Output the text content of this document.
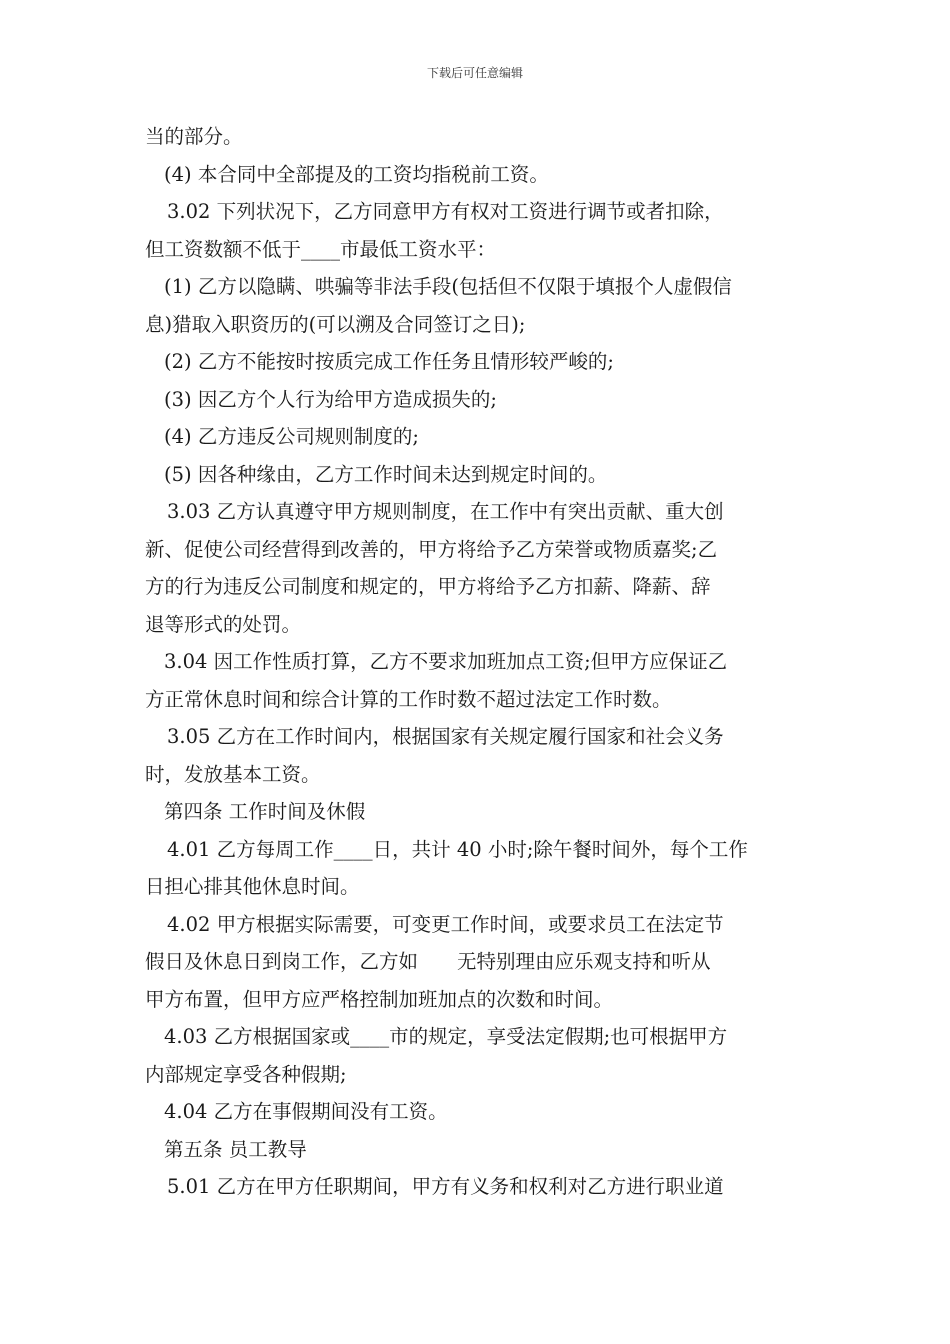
下载后可任意编辑
当的部分。
(4) 本合同中全部提及的工资均指税前工资。
3.02 下列状况下，乙方同意甲方有权对工资进行调节或者扣除，
但工资数额不低于____市最低工资水平：
(1) 乙方以隐瞒、哄骗等非法手段(包括但不仅限于填报个人虚假信
息)猎取入职资历的(可以溯及合同签订之日);
(2) 乙方不能按时按质完成工作任务且情形较严峻的;
(3) 因乙方个人行为给甲方造成损失的;
(4) 乙方违反公司规则制度的;
(5) 因各种缘由，乙方工作时间未达到规定时间的。
3.03 乙方认真遵守甲方规则制度，在工作中有突出贡献、重大创
新、促使公司经营得到改善的，甲方将给予乙方荣誉或物质嘉奖;乙
方的行为违反公司制度和规定的，甲方将给予乙方扣薪、降薪、辞
退等形式的处罚。
3.04 因工作性质打算，乙方不要求加班加点工资;但甲方应保证乙
方正常休息时间和综合计算的工作时数不超过法定工作时数。
3.05 乙方在工作时间内，根据国家有关规定履行国家和社会义务
时，发放基本工资。
第四条 工作时间及休假
4.01 乙方每周工作____日，共计 40 小时;除午餐时间外，每个工作
日担心排其他休息时间。
4.02 甲方根据实际需要，可变更工作时间，或要求员工在法定节
假日及休息日到岗工作，乙方如　　无特别理由应乐观支持和听从
甲方布置，但甲方应严格控制加班加点的次数和时间。
4.03 乙方根据国家或____市的规定，享受法定假期;也可根据甲方
内部规定享受各种假期;
4.04 乙方在事假期间没有工资。
第五条 员工教导
5.01 乙方在甲方任职期间，甲方有义务和权利对乙方进行职业道
